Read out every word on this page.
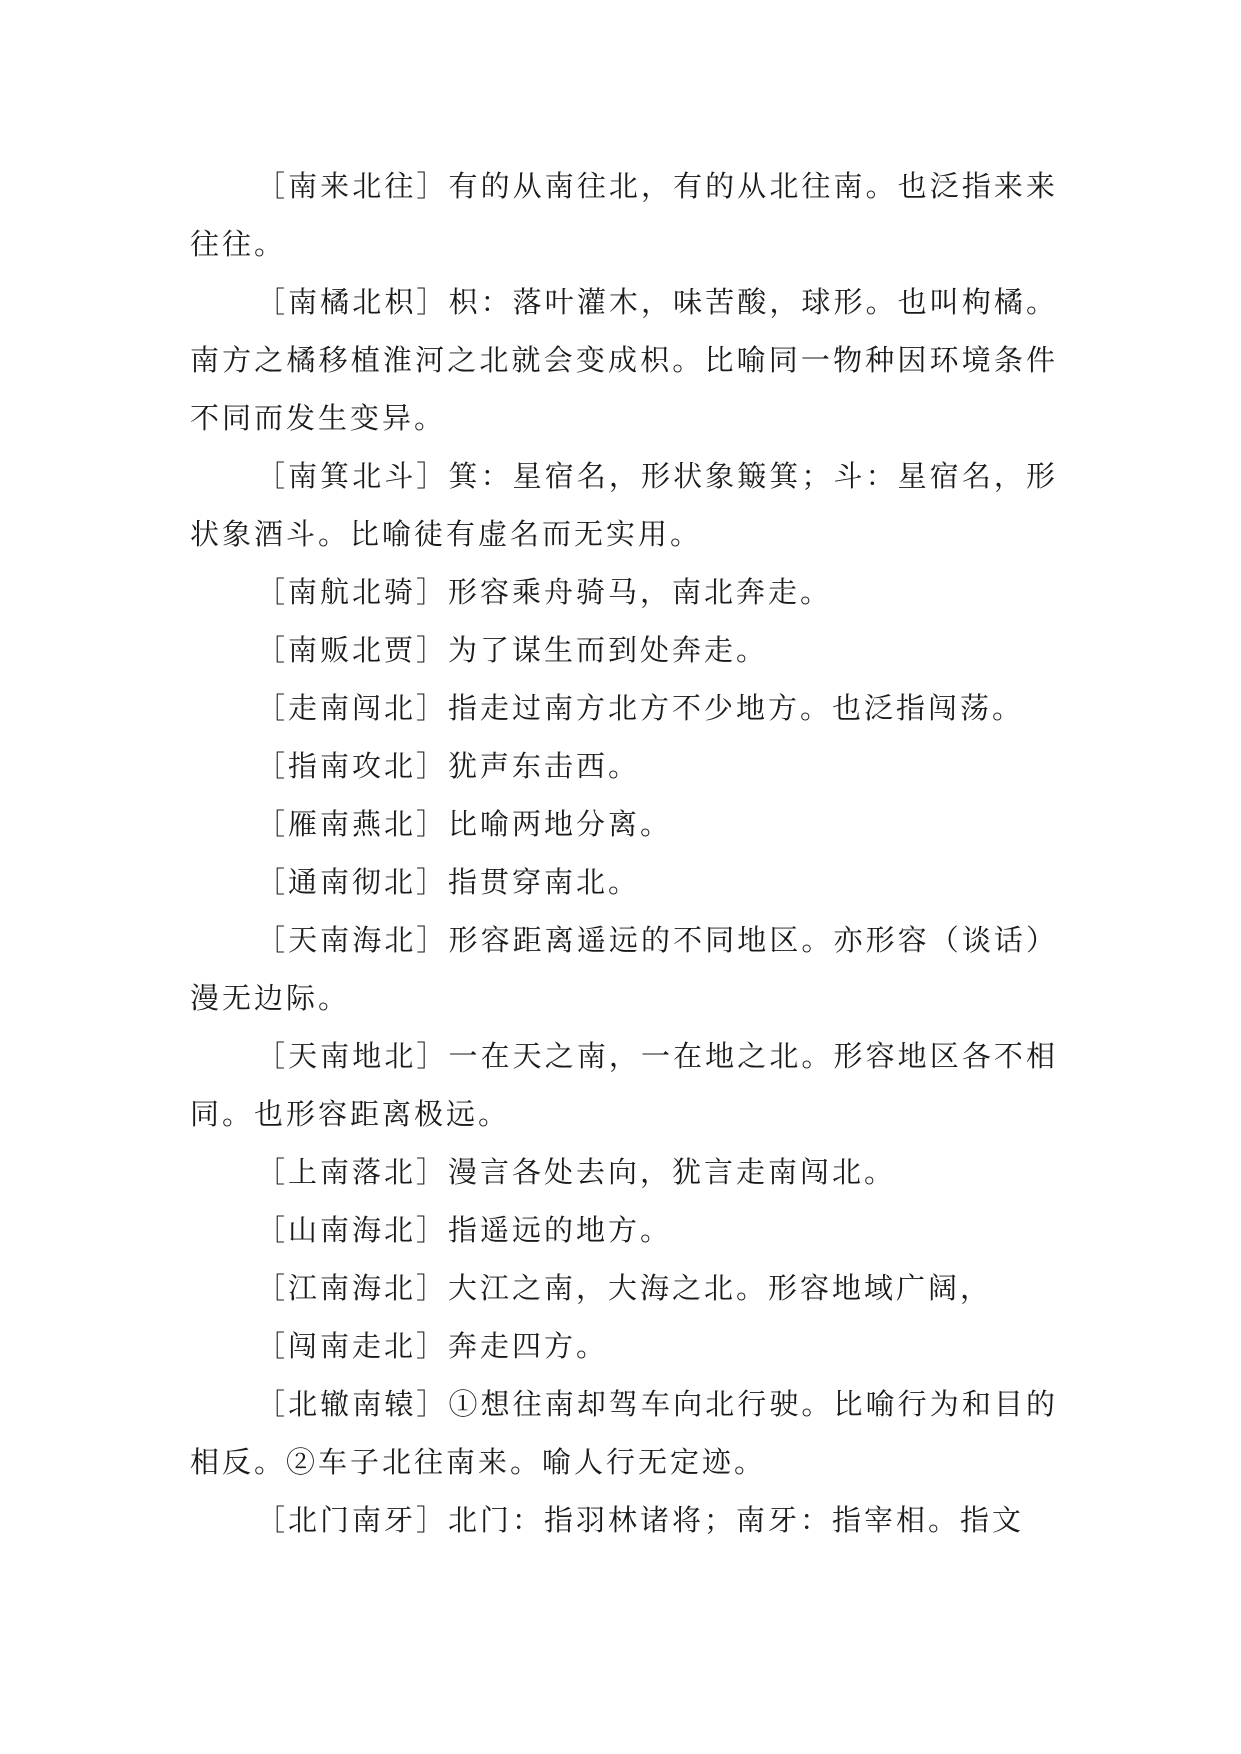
［南来北往］有的从南往北，有的从北往南。也泛指来来往往。

［南橘北枳］枳：落叶灌木，味苦酸，球形。也叫枸橘。南方之橘移植淮河之北就会变成枳。比喻同一物种因环境条件不同而发生变异。

［南箕北斗］箕：星宿名，形状象簸箕；斗：星宿名，形状象酒斗。比喻徒有虚名而无实用。

［南航北骑］形容乘舟骑马，南北奔走。

［南贩北贾］为了谋生而到处奔走。

［走南闯北］指走过南方北方不少地方。也泛指闯荡。

［指南攻北］犹声东击西。

［雁南燕北］比喻两地分离。

［通南彻北］指贯穿南北。

［天南海北］形容距离遥远的不同地区。亦形容（谈话）漫无边际。

［天南地北］一在天之南，一在地之北。形容地区各不相同。也形容距离极远。

［上南落北］漫言各处去向，犹言走南闯北。

［山南海北］指遥远的地方。

［江南海北］大江之南，大海之北。形容地域广阔，

［闯南走北］奔走四方。

［北辙南辕］①想往南却驾车向北行驶。比喻行为和目的相反。②车子北往南来。喻人行无定迹。

［北门南牙］北门：指羽林诸将；南牙：指宰相。指文
